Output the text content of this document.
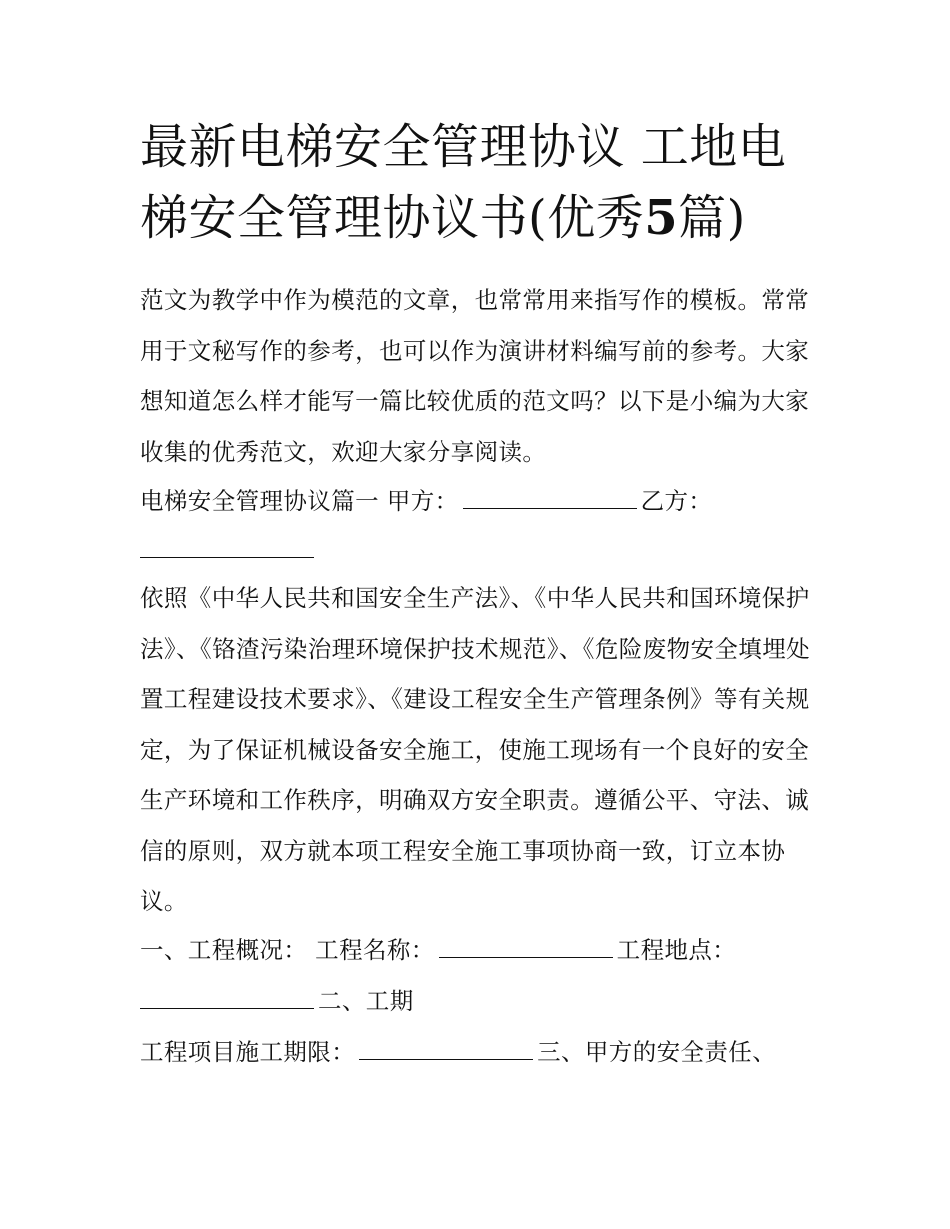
最新电梯安全管理协议 工地电梯安全管理协议书(优秀5篇)

范文为教学中作为模范的文章，也常常用来指写作的模板。常常用于文秘写作的参考，也可以作为演讲材料编写前的参考。大家想知道怎么样才能写一篇比较优质的范文吗？以下是小编为大家收集的优秀范文，欢迎大家分享阅读。

电梯安全管理协议篇一 甲方：	乙方：

依照《中华人民共和国安全生产法》、《中华人民共和国环境保护法》、《铬渣污染治理环境保护技术规范》、《危险废物安全填埋处置工程建设技术要求》、《建设工程安全生产管理条例》等有关规定，为了保证机械设备安全施工，使施工现场有一个良好的安全生产环境和工作秩序，明确双方安全职责。遵循公平、守法、诚信的原则，双方就本项工程安全施工事项协商一致，订立本协议。

一、工程概况： 工程名称：	工程地点：
二、工期

工程项目施工期限：	三、甲方的安全责任、
